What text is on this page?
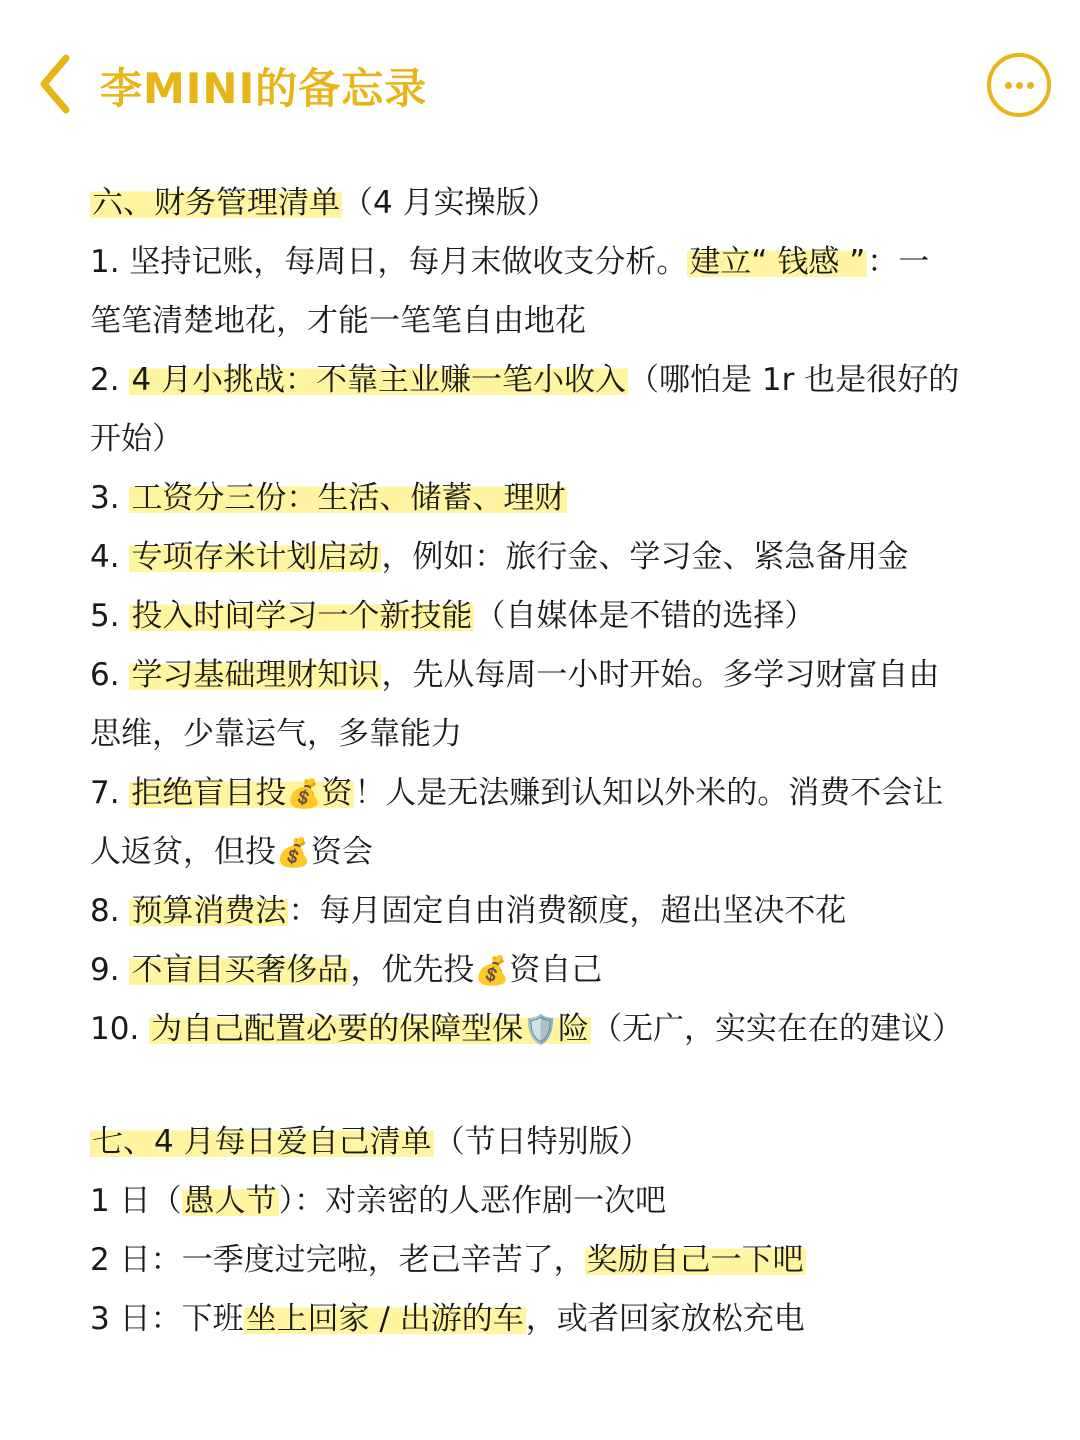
李MINI的备忘录
六、财务管理清单（4 月实操版）
1. 坚持记账，每周日，每月末做收支分析。建立“ 钱感 ”：一
笔笔清楚地花，才能一笔笔自由地花
2. 4 月小挑战：不靠主业赚一笔小收入（哪怕是 1r 也是很好的
开始）
3. 工资分三份：生活、储蓄、理财
4. 专项存米计划启动，例如：旅行金、学习金、紧急备用金
5. 投入时间学习一个新技能（自媒体是不错的选择）
6. 学习基础理财知识，先从每周一小时开始。多学习财富自由
思维，少靠运气，多靠能力
7. 拒绝盲目投💰资！人是无法赚到认知以外米的。消费不会让
人返贫，但投💰资会
8. 预算消费法：每月固定自由消费额度，超出坚决不花
9. 不盲目买奢侈品，优先投💰资自己
10. 为自己配置必要的保障型保🛡️险（无广，实实在在的建议）
七、4 月每日爱自己清单（节日特别版）
1 日（愚人节）：对亲密的人恶作剧一次吧
2 日：一季度过完啦，老己辛苦了，奖励自己一下吧
3 日：下班坐上回家 / 出游的车，或者回家放松充电
